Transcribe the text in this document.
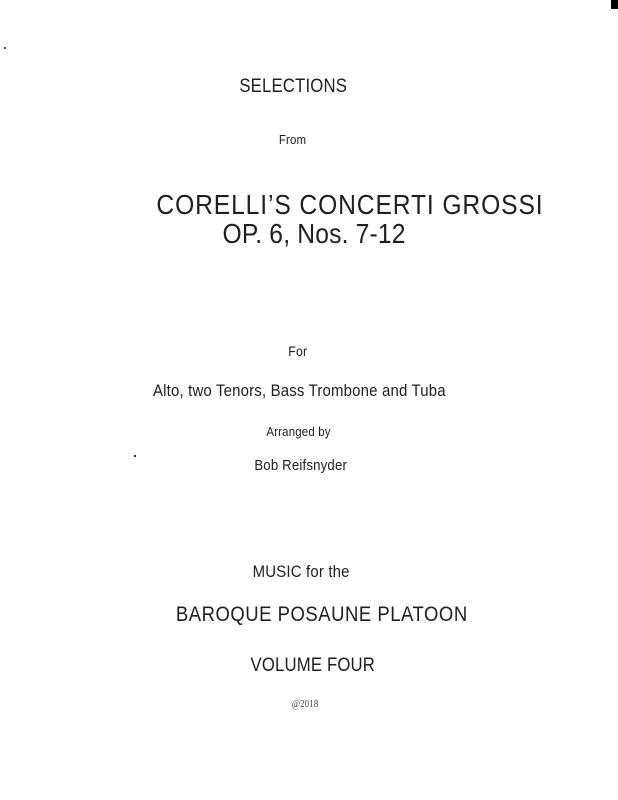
SELECTIONS
From
CORELLI’S CONCERTI GROSSI
OP. 6, Nos. 7-12
For
Alto, two Tenors, Bass Trombone and Tuba
Arranged by
Bob Reifsnyder
MUSIC for the
BAROQUE POSAUNE PLATOON
VOLUME FOUR
@2018
